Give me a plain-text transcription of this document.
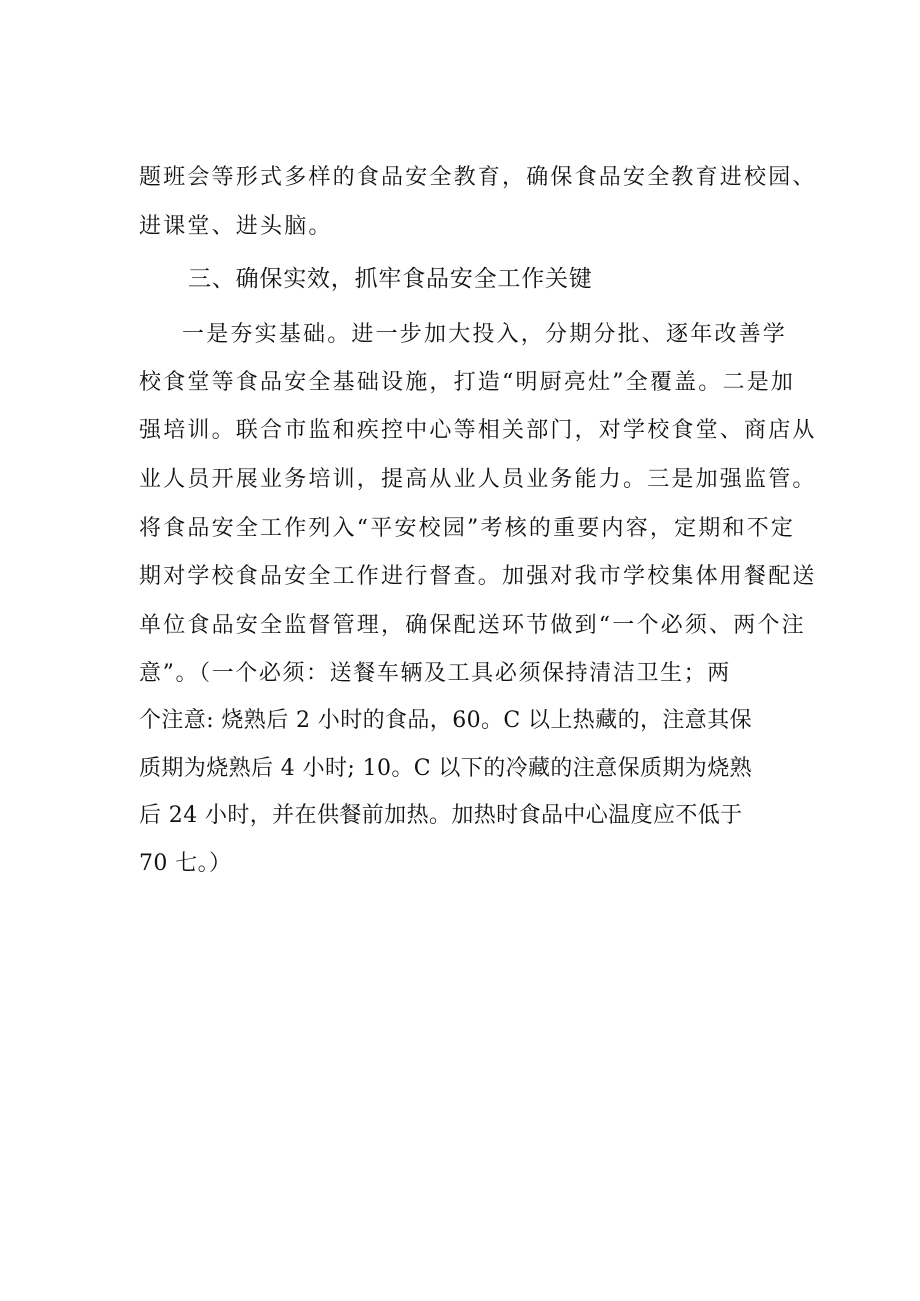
题班会等形式多样的食品安全教育，确保食品安全教育进校园、
进课堂、进头脑。
三、确保实效，抓牢食品安全工作关键
一是夯实基础。进一步加大投入，分期分批、逐年改善学
校食堂等食品安全基础设施，打造“明厨亮灶”全覆盖。二是加
强培训。联合市监和疾控中心等相关部门，对学校食堂、商店从
业人员开展业务培训，提高从业人员业务能力。三是加强监管。
将食品安全工作列入“平安校园”考核的重要内容，定期和不定
期对学校食品安全工作进行督查。加强对我市学校集体用餐配送
单位食品安全监督管理，确保配送环节做到“一个必须、两个注
意”。（一个必须：送餐车辆及工具必须保持清洁卫生；两
个注意: 烧熟后 2 小时的食品，60。C 以上热藏的，注意其保
质期为烧熟后 4 小时; 10。C 以下的冷藏的注意保质期为烧熟
后 24 小时，并在供餐前加热。加热时食品中心温度应不低于
70 七。）
